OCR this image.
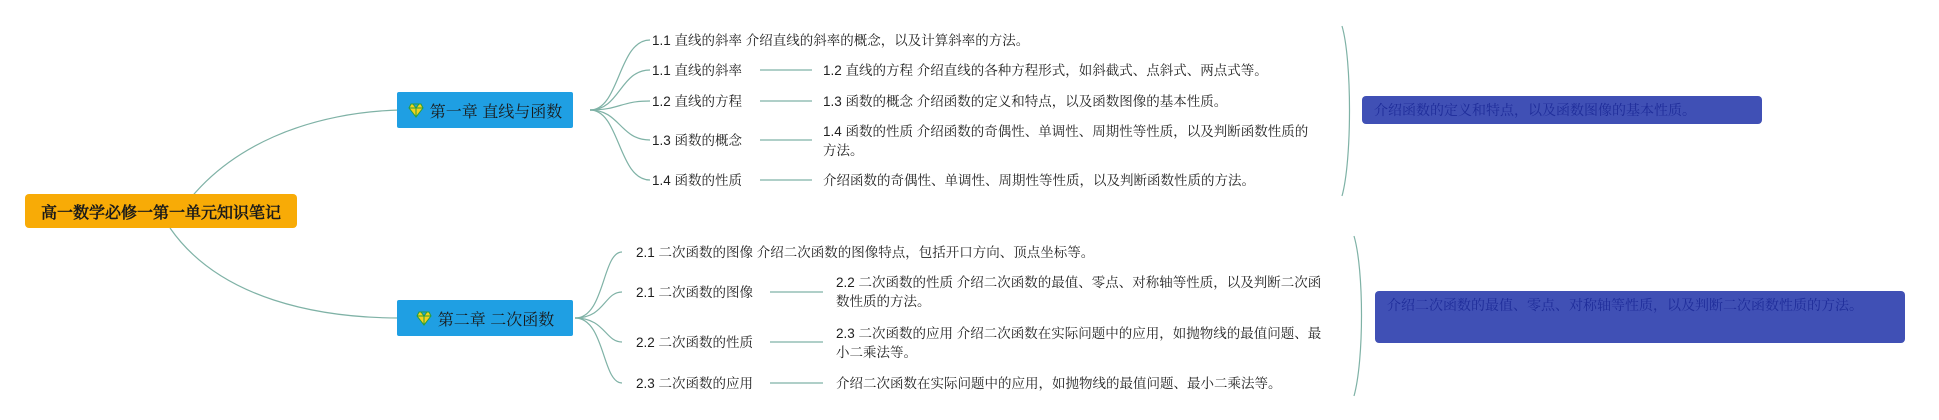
高一数学必修一第一单元知识笔记
第一章 直线与函数
1.1 直线的斜率 介绍直线的斜率的概念，以及计算斜率的方法。
1.1 直线的斜率
1.2 直线的方程
1.3 函数的概念
1.4 函数的性质
1.2 直线的方程 介绍直线的各种方程形式，如斜截式、点斜式、两点式等。
1.3 函数的概念 介绍函数的定义和特点，以及函数图像的基本性质。
1.4 函数的性质 介绍函数的奇偶性、单调性、周期性等性质，以及判断函数性质的方法。
介绍函数的奇偶性、单调性、周期性等性质，以及判断函数性质的方法。
介绍函数的定义和特点，以及函数图像的基本性质。
第二章 二次函数
2.1 二次函数的图像 介绍二次函数的图像特点，包括开口方向、顶点坐标等。
2.1 二次函数的图像
2.2 二次函数的性质
2.3 二次函数的应用
2.2 二次函数的性质 介绍二次函数的最值、零点、对称轴等性质，以及判断二次函数性质的方法。
2.3 二次函数的应用 介绍二次函数在实际问题中的应用，如抛物线的最值问题、最小二乘法等。
介绍二次函数在实际问题中的应用，如抛物线的最值问题、最小二乘法等。
介绍二次函数的最值、零点、对称轴等性质，以及判断二次函数性质的方法。
